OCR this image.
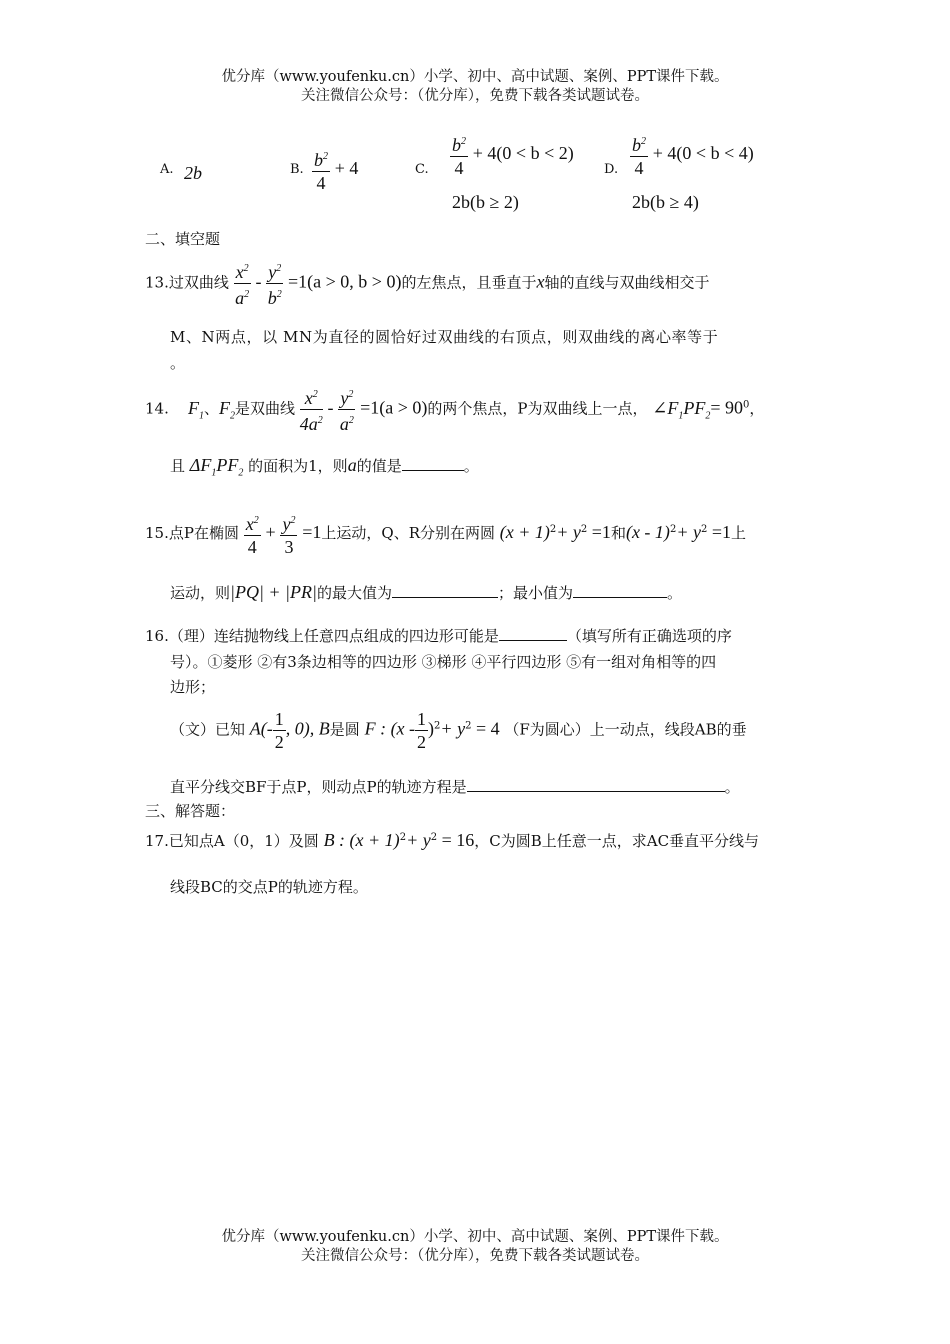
优分库（www.youfenku.cn）小学、初中、高中试题、案例、PPT课件下载。
关注微信公众号：（优分库），免费下载各类试题试卷。
A. 2b	B. $\frac{b^2}{4} + 4$	C. $\frac{b^2}{4} + 4(0 < b < 2)$
2b(b ≥ 2)
D. $\frac{b^2}{4} + 4(0 < b < 4)$
2b(b ≥ 4)
二、填空题
13.过双曲线 $\frac{x^2}{a^2} - \frac{y^2}{b^2} =1(a > 0$, b > 0)的左焦点，且垂直于x轴的直线与双曲线相交于
M、N两点，以 MN为直径的圆恰好过双曲线的右顶点，则双曲线的离心率等于
。
14. $F_1$、$F_2$是双曲线 $\frac{x^2}{4a^2} - \frac{y^2}{a^2} =1(a > 0)$的两个焦点，P为双曲线上一点， $\angle F_1PF_2= 90^0$，
且 $\Delta F_1PF_2$ 的面积为1，则a的值是	。
15.点P在椭圆 $\frac{x^2}{4} + \frac{y^2}{3} =1$上运动，Q、R分别在两圆 $(x + 1)^2+ y^2 =1$和$(x - 1)^2+ y^2 =1$上
运动，则|PQ| + |PR|的最大值为	；最小值为	。
16.（理）连结抛物线上任意四点组成的四边形可能是	（填写所有正确选项的序
号）。①菱形 ②有3条边相等的四边形 ③梯形 ④平行四边形 ⑤有一组对角相等的四
边形；
（文）已知 $A(- \frac{1}{2}$ , 0), B是圆 F : $(x - \frac{1}{2} )^2+ y^2 = 4$ （F为圆心）上一动点，线段AB的垂
直平分线交BF于点P，则动点P的轨迹方程是	。
三、解答题：
17.已知点A（0，1）及圆 B : $(x + 1)^2+ y^2 = 16$，C为圆B上任意一点，求AC垂直平分线与
线段BC的交点P的轨迹方程。
优分库（www.youfenku.cn）小学、初中、高中试题、案例、PPT课件下载。
关注微信公众号：（优分库），免费下载各类试题试卷。
